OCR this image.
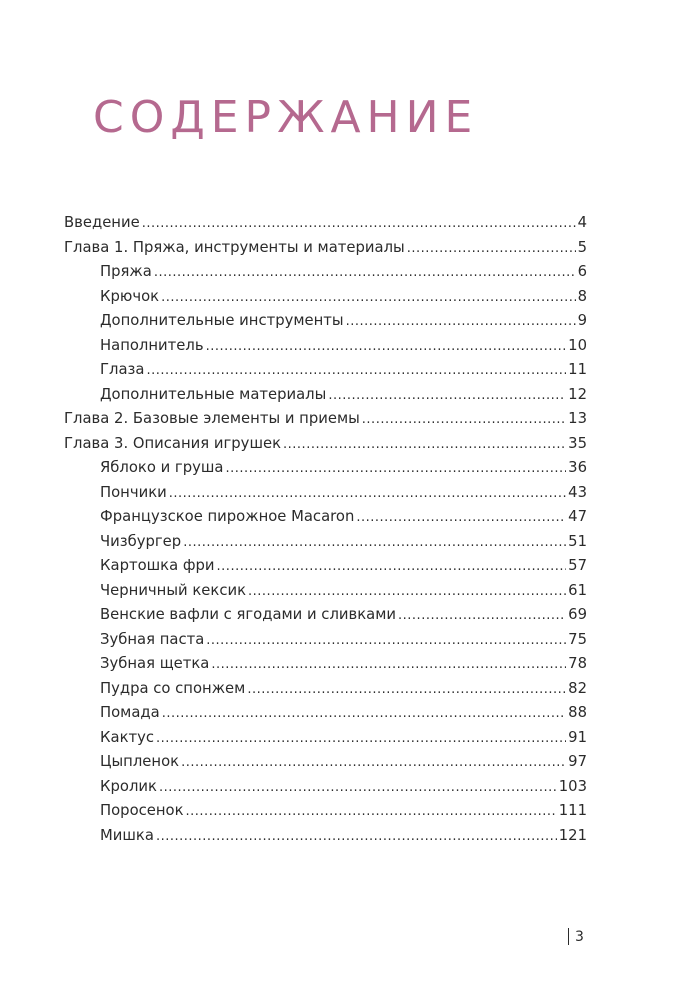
СОДЕРЖАНИЕ
Введение .....	4
Глава 1. Пряжа, инструменты и материалы .....	5
Пряжа .....	6
Крючок .....	8
Дополнительные инструменты .....	9
Наполнитель .....	10
Глаза .....	11
Дополнительные материалы .....	12
Глава 2. Базовые элементы и приемы .....	13
Глава 3. Описания игрушек .....	35
Яблоко и груша .....	36
Пончики .....	43
Французское пирожное Macaron .....	47
Чизбургер .....	51
Картошка фри .....	57
Черничный кексик .....	61
Венские вафли с ягодами и сливками .....	69
Зубная паста .....	75
Зубная щетка .....	78
Пудра со спонжем .....	82
Помада .....	88
Кактус .....	91
Цыпленок .....	97
Кролик .....	103
Поросенок .....	111
Мишка .....	121
3
